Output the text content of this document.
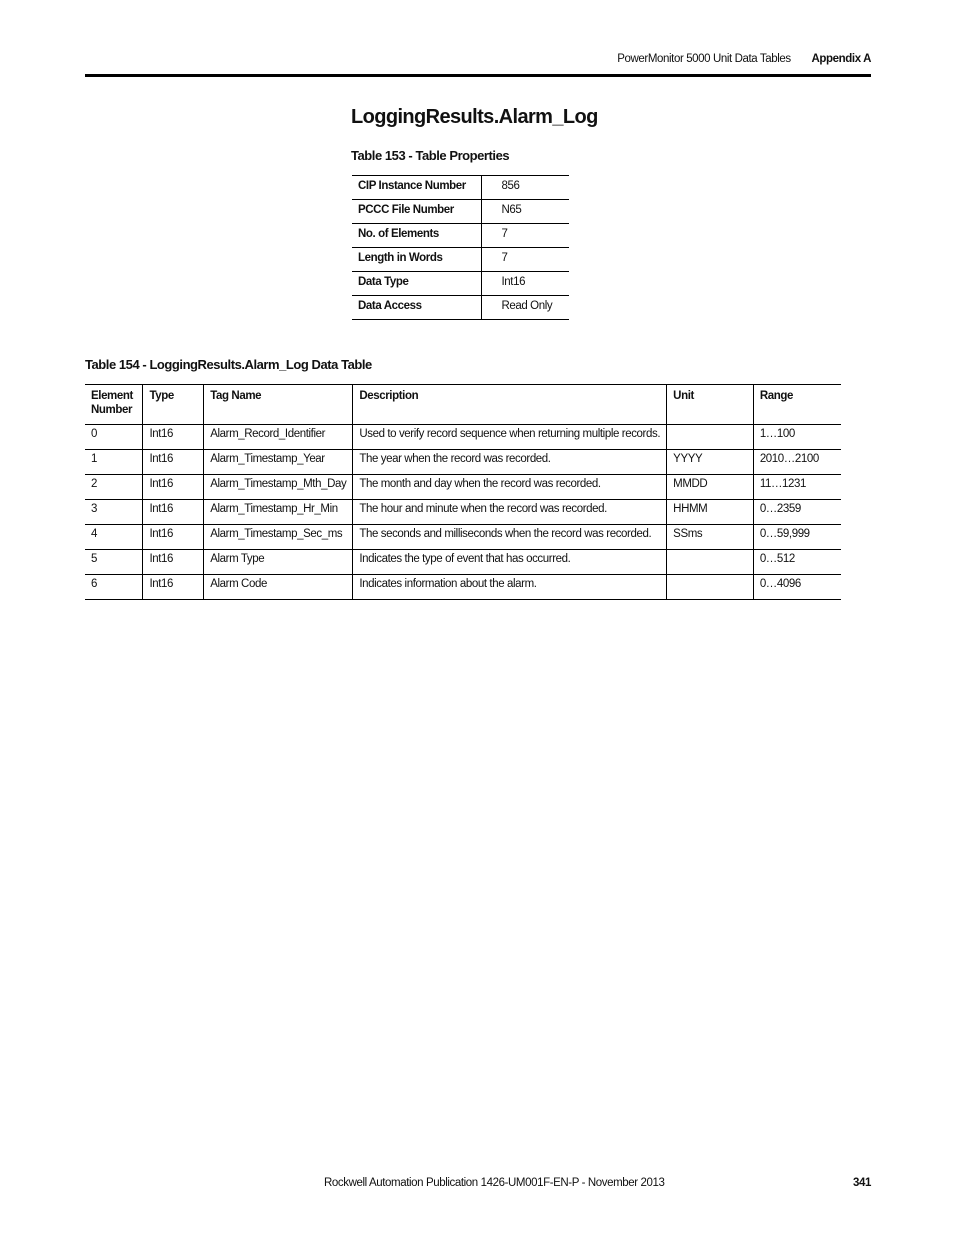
PowerMonitor 5000 Unit Data Tables Appendix A
LoggingResults.Alarm_Log

Table 153 - Table Properties

CIP Instance Number	856
PCCC File Number	N65
No. of Elements	7
Length in Words	7
Data Type	Int16
Data Access	Read Only

Table 154 - LoggingResults.Alarm_Log Data Table

Element
Number	Type	Tag Name	Description	Unit	Range
0	Int16	Alarm_Record_Identifier	Used to verify record sequence when returning multiple records.		1…100
1	Int16	Alarm_Timestamp_Year	The year when the record was recorded.	YYYY	2010…2100
2	Int16	Alarm_Timestamp_Mth_Day	The month and day when the record was recorded.	MMDD	11…1231
3	Int16	Alarm_Timestamp_Hr_Min	The hour and minute when the record was recorded.	HHMM	0…2359
4	Int16	Alarm_Timestamp_Sec_ms	The seconds and milliseconds when the record was recorded.	SSms	0…59,999
5	Int16	Alarm Type	Indicates the type of event that has occurred.		0…512
6	Int16	Alarm Code	Indicates information about the alarm.		0…4096
Rockwell Automation Publication 1426-UM001F-EN-P - November 2013	341
